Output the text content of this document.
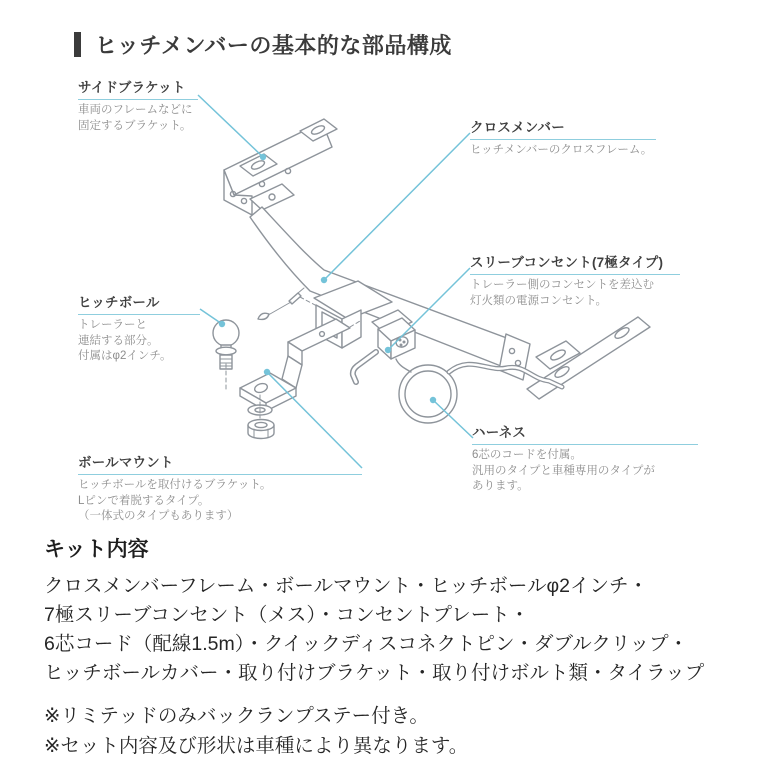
ヒッチメンバーの基本的な部品構成
サイドブラケット
車両のフレームなどに
固定するブラケット。	クロスメンバー
ヒッチメンバーのクロスフレーム。
スリーブコンセント(7極タイプ)
トレーラー側のコンセントを差込む
灯火類の電源コンセント。
ヒッチボール
トレーラーと
連結する部分。
付属はφ2インチ。
ボールマウント
ヒッチボールを取付けるブラケット。
Lピンで着脱するタイプ。
（一体式のタイプもあります）
ハーネス
6芯のコードを付属。
汎用のタイプと車種専用のタイプが
あります。
キット内容
クロスメンバーフレーム・ボールマウント・ヒッチボールφ2インチ・
7極スリーブコンセント（メス）・コンセントプレート・
6芯コード（配線1.5m）・クイックディスコネクトピン・ダブルクリップ・
ヒッチボールカバー・取り付けブラケット・取り付けボルト類・タイラップ
※リミテッドのみバックランプステー付き。
※セット内容及び形状は車種により異なります。
